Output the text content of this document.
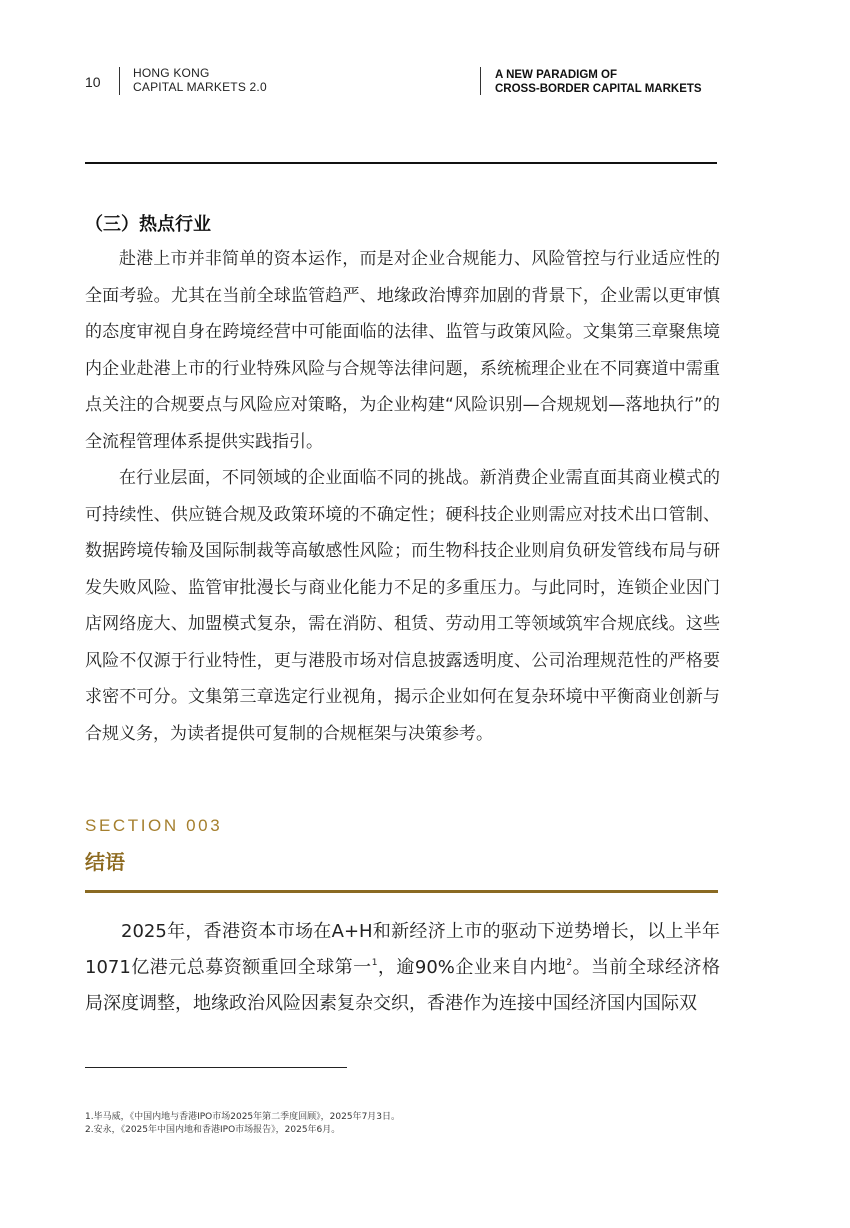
10
HONG KONG
CAPITAL MARKETS 2.0
A NEW PARADIGM OF
CROSS-BORDER CAPITAL MARKETS
（三）热点行业

赴港上市并非简单的资本运作，而是对企业合规能力、风险管控与行业适应性的全面考验。尤其在当前全球监管趋严、地缘政治博弈加剧的背景下，企业需以更审慎的态度审视自身在跨境经营中可能面临的法律、监管与政策风险。文集第三章聚焦境内企业赴港上市的行业特殊风险与合规等法律问题，系统梳理企业在不同赛道中需重点关注的合规要点与风险应对策略，为企业构建“风险识别—合规规划—落地执行”的全流程管理体系提供实践指引。

在行业层面，不同领域的企业面临不同的挑战。新消费企业需直面其商业模式的可持续性、供应链合规及政策环境的不确定性；硬科技企业则需应对技术出口管制、数据跨境传输及国际制裁等高敏感性风险；而生物科技企业则肩负研发管线布局与研发失败风险、监管审批漫长与商业化能力不足的多重压力。与此同时，连锁企业因门店网络庞大、加盟模式复杂，需在消防、租赁、劳动用工等领域筑牢合规底线。这些风险不仅源于行业特性，更与港股市场对信息披露透明度、公司治理规范性的严格要求密不可分。文集第三章选定行业视角，揭示企业如何在复杂环境中平衡商业创新与合规义务，为读者提供可复制的合规框架与决策参考。

SECTION 003
结语

2025年，香港资本市场在A+H和新经济上市的驱动下逆势增长，以上半年1071亿港元总募资额重回全球第一$^1$，逾90%企业来自内地$^2$。当前全球经济格局深度调整，地缘政治风险因素复杂交织，香港作为连接中国经济国内国际双

1.毕马威，《中国内地与香港IPO市场2025年第二季度回顾》，2025年7月3日。
2.安永，《2025年中国内地和香港IPO市场报告》，2025年6月。
